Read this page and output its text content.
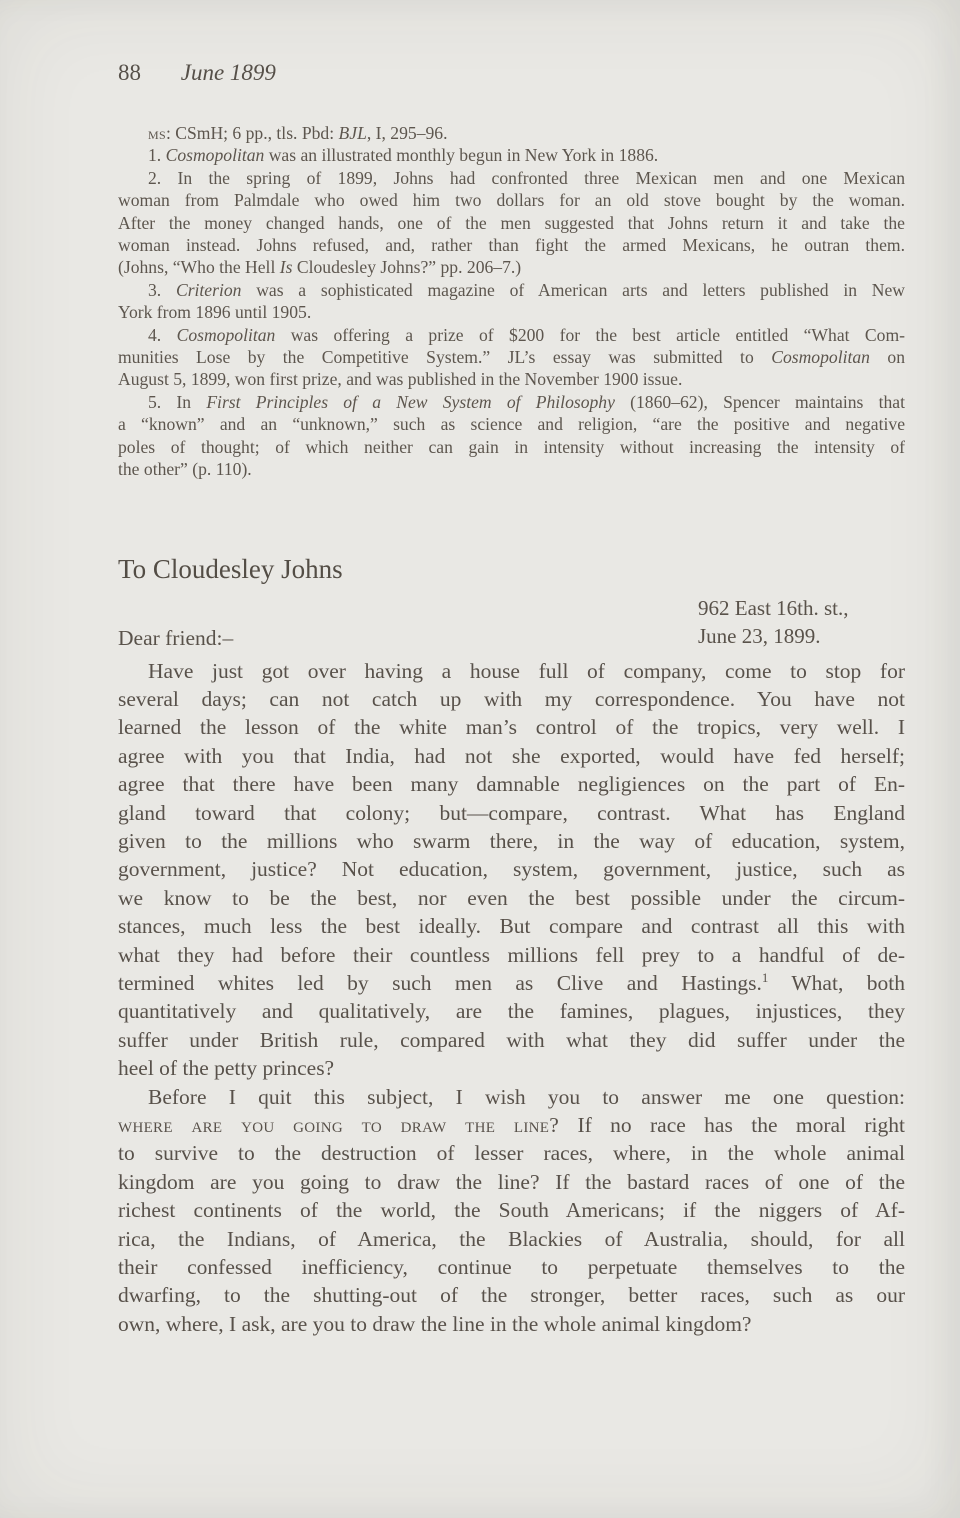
88 June 1899
ms: CSmH; 6 pp., tls. Pbd: BJL, I, 295–96.
1. Cosmopolitan was an illustrated monthly begun in New York in 1886.
2. In the spring of 1899, Johns had confronted three Mexican men and one Mexican
woman from Palmdale who owed him two dollars for an old stove bought by the woman.
After the money changed hands, one of the men suggested that Johns return it and take the
woman instead. Johns refused, and, rather than fight the armed Mexicans, he outran them.
(Johns, “Who the Hell Is Cloudesley Johns?” pp. 206–7.)
3. Criterion was a sophisticated magazine of American arts and letters published in New
York from 1896 until 1905.
4. Cosmopolitan was offering a prize of $200 for the best article entitled “What Com-
munities Lose by the Competitive System.” JL’s essay was submitted to Cosmopolitan on
August 5, 1899, won first prize, and was published in the November 1900 issue.
5. In First Principles of a New System of Philosophy (1860–62), Spencer maintains that
a “known” and an “unknown,” such as science and religion, “are the positive and negative
poles of thought; of which neither can gain in intensity without increasing the intensity of
the other” (p. 110).
To Cloudesley Johns
962 East 16th. st.,
June 23, 1899.
Dear friend:–
Have just got over having a house full of company, come to stop for
several days; can not catch up with my correspondence. You have not
learned the lesson of the white man’s control of the tropics, very well. I
agree with you that India, had not she exported, would have fed herself;
agree that there have been many damnable negligiences on the part of En-
gland toward that colony; but—compare, contrast. What has England
given to the millions who swarm there, in the way of education, system,
government, justice? Not education, system, government, justice, such as
we know to be the best, nor even the best possible under the circum-
stances, much less the best ideally. But compare and contrast all this with
what they had before their countless millions fell prey to a handful of de-
termined whites led by such men as Clive and Hastings.$^1$ What, both
quantitatively and qualitatively, are the famines, plagues, injustices, they
suffer under British rule, compared with what they did suffer under the
heel of the petty princes?
Before I quit this subject, I wish you to answer me one question:
where are you going to draw the line? If no race has the moral right
to survive to the destruction of lesser races, where, in the whole animal
kingdom are you going to draw the line? If the bastard races of one of the
richest continents of the world, the South Americans; if the niggers of Af-
rica, the Indians, of America, the Blackies of Australia, should, for all
their confessed inefficiency, continue to perpetuate themselves to the
dwarfing, to the shutting-out of the stronger, better races, such as our
own, where, I ask, are you to draw the line in the whole animal kingdom?
